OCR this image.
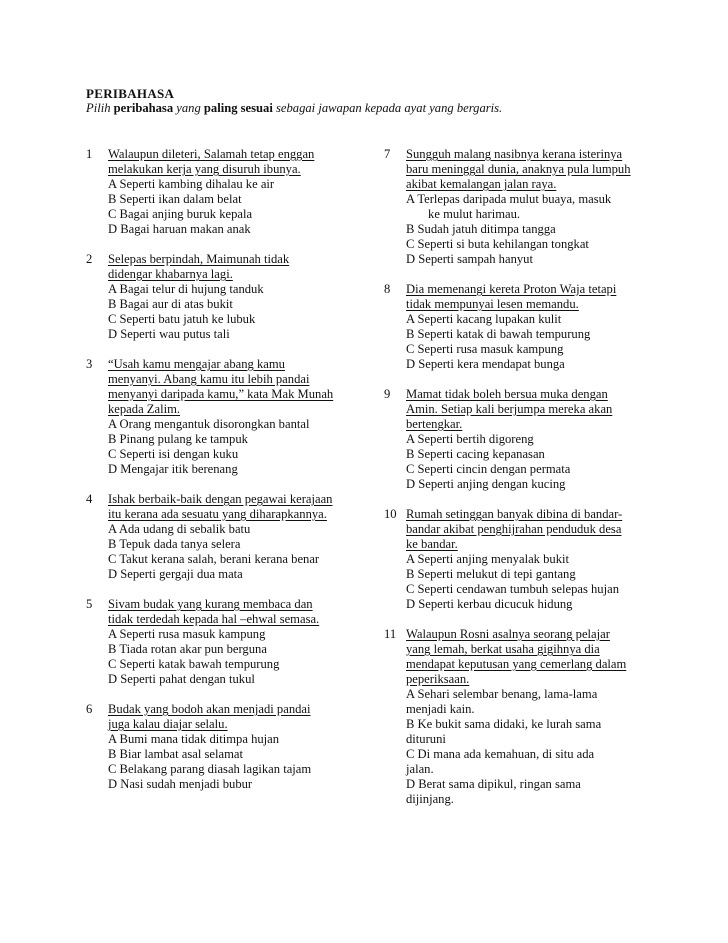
PERIBAHASA
Pilih peribahasa yang paling sesuai sebagai jawapan kepada ayat yang bergaris.
1 Walaupun dileteri, Salamah tetap enggan
melakukan kerja yang disuruh ibunya.
A Seperti kambing dihalau ke air
B Seperti ikan dalam belat
C Bagai anjing buruk kepala
D Bagai haruan makan anak
2 Selepas berpindah, Maimunah tidak
didengar khabarnya lagi.
A Bagai telur di hujung tanduk
B Bagai aur di atas bukit
C Seperti batu jatuh ke lubuk
D Seperti wau putus tali
3 “Usah kamu mengajar abang kamu
menyanyi. Abang kamu itu lebih pandai
menyanyi daripada kamu,” kata Mak Munah
kepada Zalim.
A Orang mengantuk disorongkan bantal
B Pinang pulang ke tampuk
C Seperti isi dengan kuku
D Mengajar itik berenang
4 Ishak berbaik-baik dengan pegawai kerajaan
itu kerana ada sesuatu yang diharapkannya.
A Ada udang di sebalik batu
B Tepuk dada tanya selera
C Takut kerana salah, berani kerana benar
D Seperti gergaji dua mata
5 Sivam budak yang kurang membaca dan
tidak terdedah kepada hal –ehwal semasa.
A Seperti rusa masuk kampung
B Tiada rotan akar pun berguna
C Seperti katak bawah tempurung
D Seperti pahat dengan tukul
6 Budak yang bodoh akan menjadi pandai
juga kalau diajar selalu.
A Bumi mana tidak ditimpa hujan
B Biar lambat asal selamat
C Belakang parang diasah lagikan tajam
D Nasi sudah menjadi bubur
7 Sungguh malang nasibnya kerana isterinya
baru meninggal dunia, anaknya pula lumpuh
akibat kemalangan jalan raya.
A Terlepas daripada mulut buaya, masuk
ke mulut harimau.
B Sudah jatuh ditimpa tangga
C Seperti si buta kehilangan tongkat
D Seperti sampah hanyut
8 Dia memenangi kereta Proton Waja tetapi
tidak mempunyai lesen memandu.
A Seperti kacang lupakan kulit
B Seperti katak di bawah tempurung
C Seperti rusa masuk kampung
D Seperti kera mendapat bunga
9 Mamat tidak boleh bersua muka dengan
Amin. Setiap kali berjumpa mereka akan
bertengkar.
A Seperti bertih digoreng
B Seperti cacing kepanasan
C Seperti cincin dengan permata
D Seperti anjing dengan kucing
10 Rumah setinggan banyak dibina di bandar-
bandar akibat penghijrahan penduduk desa
ke bandar.
A Seperti anjing menyalak bukit
B Seperti melukut di tepi gantang
C Seperti cendawan tumbuh selepas hujan
D Seperti kerbau dicucuk hidung
11 Walaupun Rosni asalnya seorang pelajar
yang lemah, berkat usaha gigihnya dia
mendapat keputusan yang cemerlang dalam
peperiksaan.
A Sehari selembar benang, lama-lama
menjadi kain.
B Ke bukit sama didaki, ke lurah sama
dituruni
C Di mana ada kemahuan, di situ ada
jalan.
D Berat sama dipikul, ringan sama
dijinjang.
